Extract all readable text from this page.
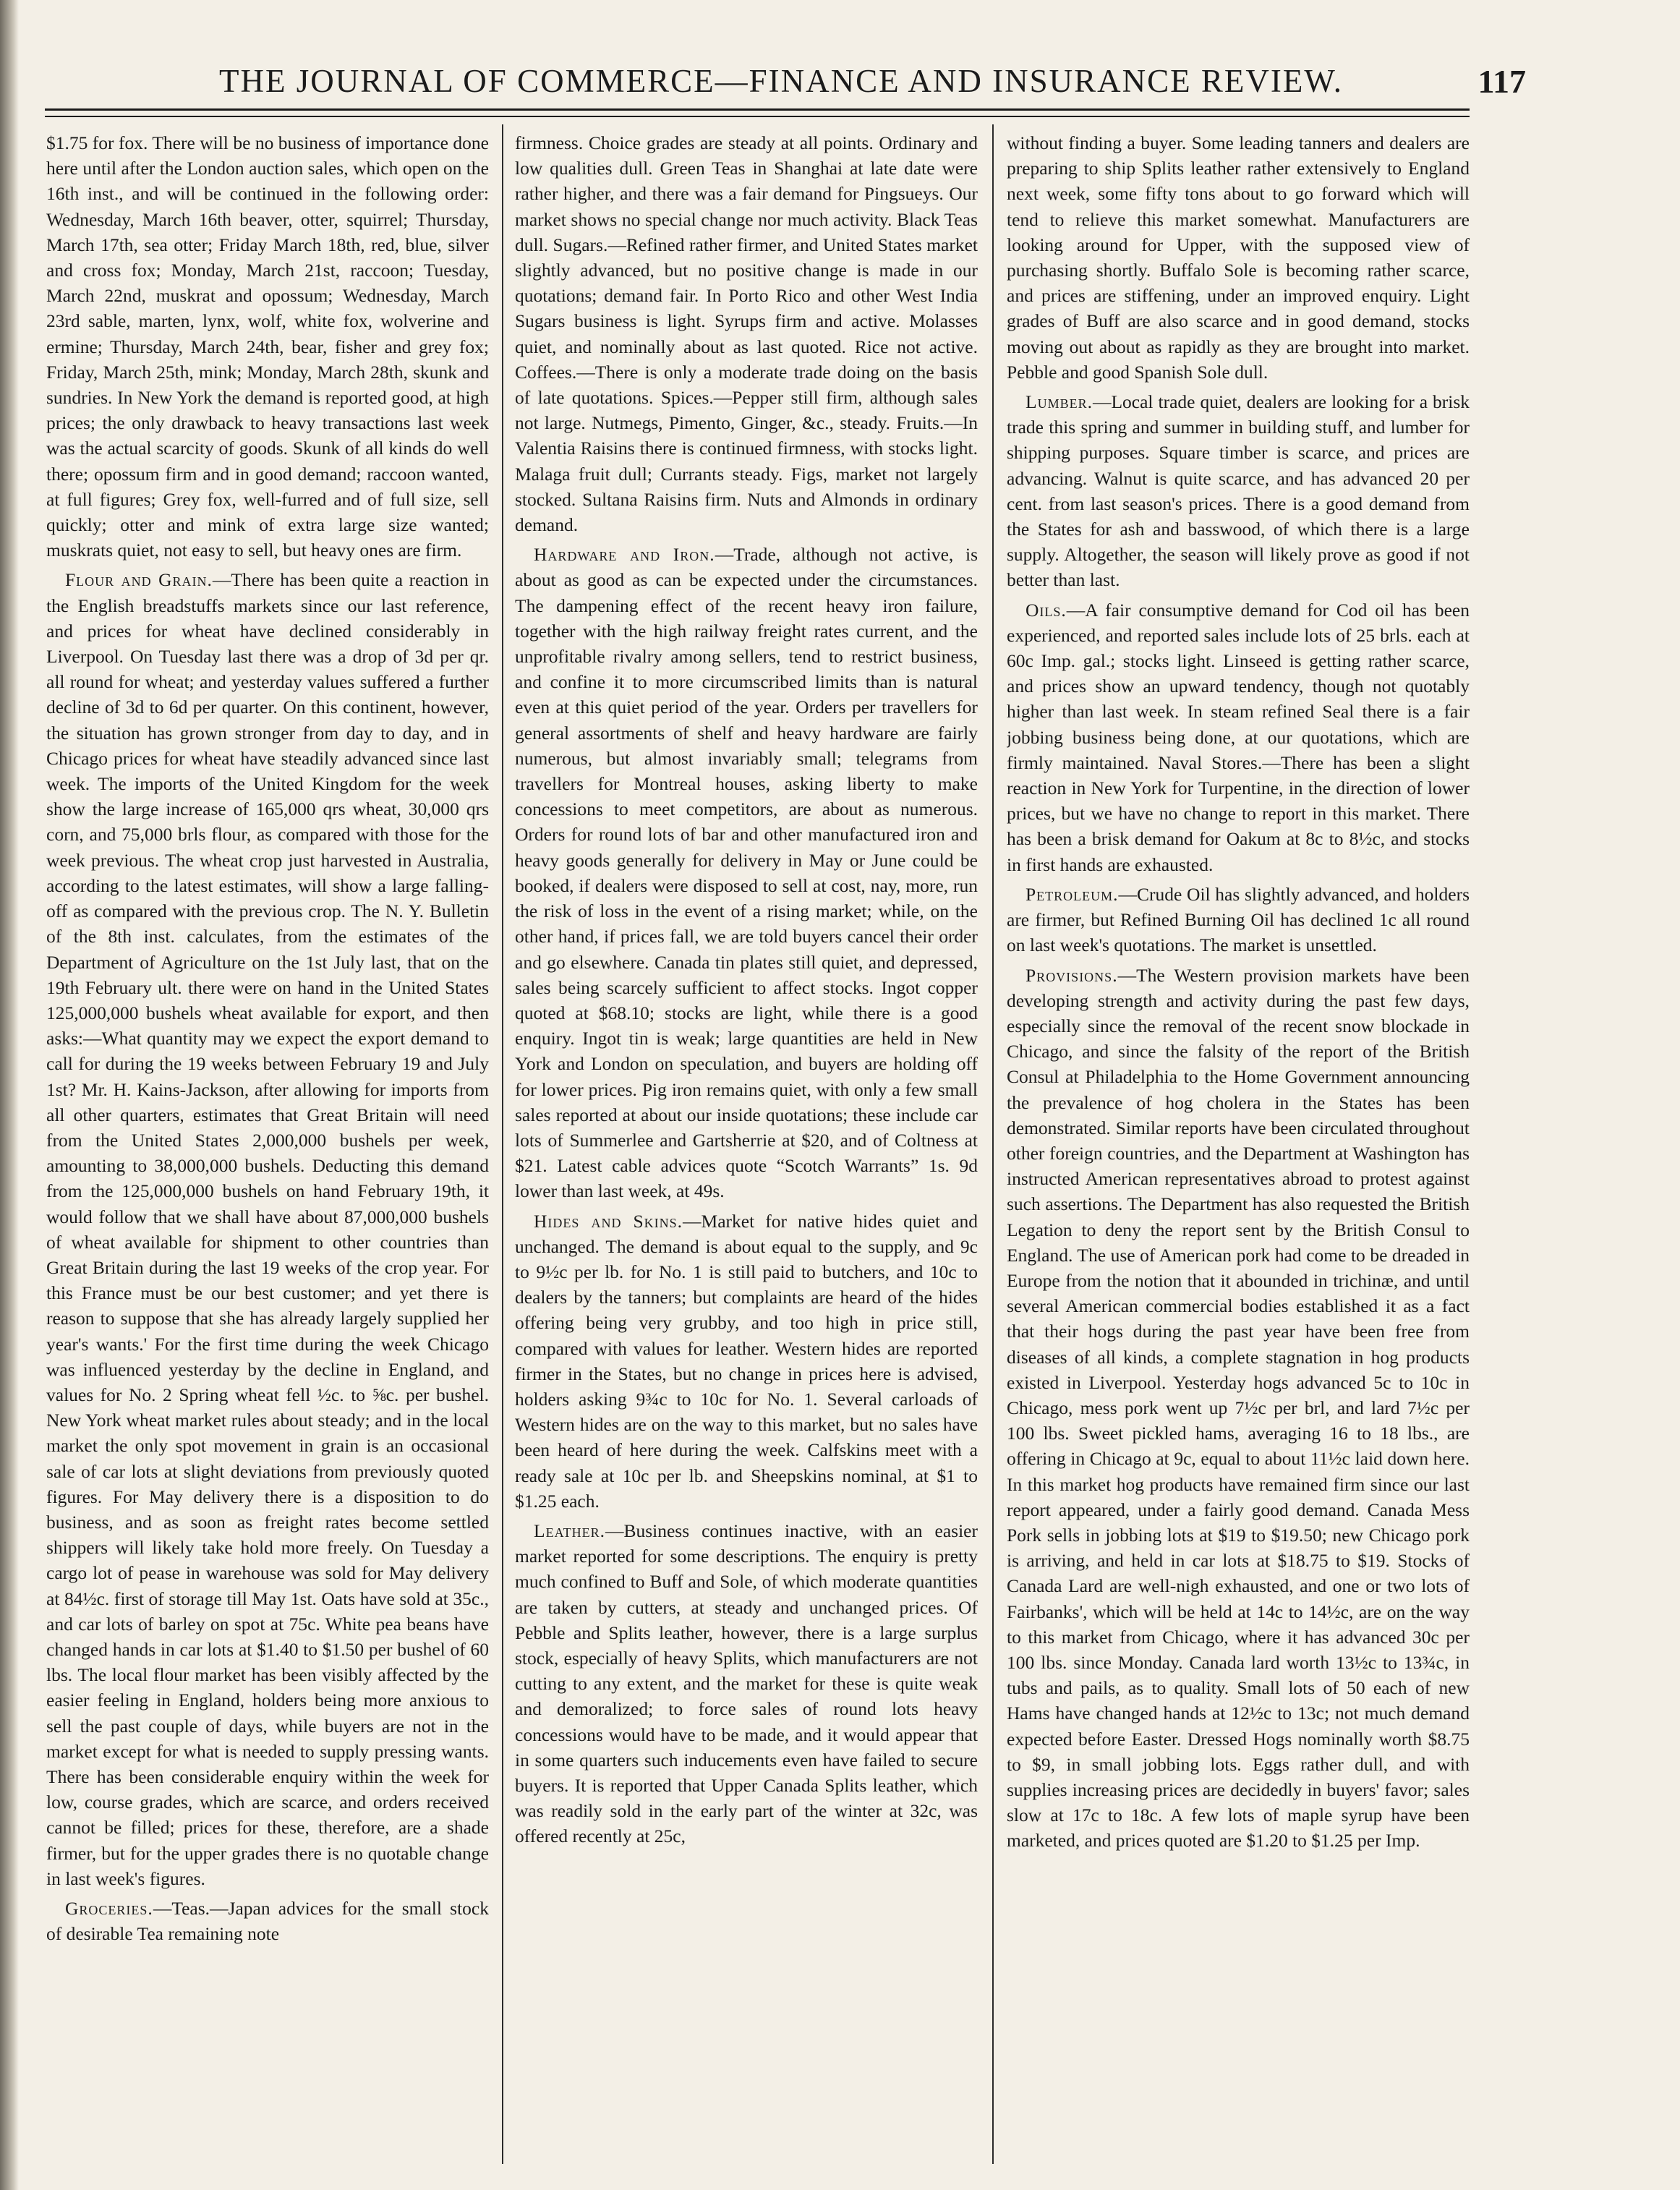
THE JOURNAL OF COMMERCE—FINANCE AND INSURANCE REVIEW.	117

$1.75 for fox. There will be no business of importance done here until after the London auction sales, which open on the 16th inst., and will be continued in the following order: Wednesday, March 16th beaver, otter, squirrel; Thursday, March 17th, sea otter; Friday March 18th, red, blue, silver and cross fox; Monday, March 21st, raccoon; Tuesday, March 22nd, muskrat and opossum; Wednesday, March 23rd sable, marten, lynx, wolf, white fox, wolverine and ermine; Thursday, March 24th, bear, fisher and grey fox; Friday, March 25th, mink; Monday, March 28th, skunk and sundries. In New York the demand is reported good, at high prices; the only drawback to heavy transactions last week was the actual scarcity of goods. Skunk of all kinds do well there; opossum firm and in good demand; raccoon wanted, at full figures; Grey fox, well-furred and of full size, sell quickly; otter and mink of extra large size wanted; muskrats quiet, not easy to sell, but heavy ones are firm.

Flour and Grain.—There has been quite a reaction in the English breadstuffs markets since our last reference, and prices for wheat have declined considerably in Liverpool. On Tuesday last there was a drop of 3d per qr. all round for wheat; and yesterday values suffered a further decline of 3d to 6d per quarter. On this continent, however, the situation has grown stronger from day to day, and in Chicago prices for wheat have steadily advanced since last week. The imports of the United Kingdom for the week show the large increase of 165,000 qrs wheat, 30,000 qrs corn, and 75,000 brls flour, as compared with those for the week previous. The wheat crop just harvested in Australia, according to the latest estimates, will show a large falling-off as compared with the previous crop. The N. Y. Bulletin of the 8th inst. calculates, from the estimates of the Department of Agriculture on the 1st July last, that on the 19th February ult. there were on hand in the United States 125,000,000 bushels wheat available for export, and then asks:—What quantity may we expect the export demand to call for during the 19 weeks between February 19 and July 1st? Mr. H. Kains-Jackson, after allowing for imports from all other quarters, estimates that Great Britain will need from the United States 2,000,000 bushels per week, amounting to 38,000,000 bushels. Deducting this demand from the 125,000,000 bushels on hand February 19th, it would follow that we shall have about 87,000,000 bushels of wheat available for shipment to other countries than Great Britain during the last 19 weeks of the crop year. For this France must be our best customer; and yet there is reason to suppose that she has already largely supplied her year's wants.' For the first time during the week Chicago was influenced yesterday by the decline in England, and values for No. 2 Spring wheat fell ½c. to ⅝c. per bushel. New York wheat market rules about steady; and in the local market the only spot movement in grain is an occasional sale of car lots at slight deviations from previously quoted figures. For May delivery there is a disposition to do business, and as soon as freight rates become settled shippers will likely take hold more freely. On Tuesday a cargo lot of pease in warehouse was sold for May delivery at 84½c. first of storage till May 1st. Oats have sold at 35c., and car lots of barley on spot at 75c. White pea beans have changed hands in car lots at $1.40 to $1.50 per bushel of 60 lbs. The local flour market has been visibly affected by the easier feeling in England, holders being more anxious to sell the past couple of days, while buyers are not in the market except for what is needed to supply pressing wants. There has been considerable enquiry within the week for low, course grades, which are scarce, and orders received cannot be filled; prices for these, therefore, are a shade firmer, but for the upper grades there is no quotable change in last week's figures.

Groceries.—Teas.—Japan advices for the small stock of desirable Tea remaining note

firmness. Choice grades are steady at all points. Ordinary and low qualities dull. Green Teas in Shanghai at late date were rather higher, and there was a fair demand for Pingsueys. Our market shows no special change nor much activity. Black Teas dull. Sugars.—Refined rather firmer, and United States market slightly advanced, but no positive change is made in our quotations; demand fair. In Porto Rico and other West India Sugars business is light. Syrups firm and active. Molasses quiet, and nominally about as last quoted. Rice not active. Coffees.—There is only a moderate trade doing on the basis of late quotations. Spices.—Pepper still firm, although sales not large. Nutmegs, Pimento, Ginger, &c., steady. Fruits.—In Valentia Raisins there is continued firmness, with stocks light. Malaga fruit dull; Currants steady. Figs, market not largely stocked. Sultana Raisins firm. Nuts and Almonds in ordinary demand.

Hardware and Iron.—Trade, although not active, is about as good as can be expected under the circumstances. The dampening effect of the recent heavy iron failure, together with the high railway freight rates current, and the unprofitable rivalry among sellers, tend to restrict business, and confine it to more circumscribed limits than is natural even at this quiet period of the year. Orders per travellers for general assortments of shelf and heavy hardware are fairly numerous, but almost invariably small; telegrams from travellers for Montreal houses, asking liberty to make concessions to meet competitors, are about as numerous. Orders for round lots of bar and other manufactured iron and heavy goods generally for delivery in May or June could be booked, if dealers were disposed to sell at cost, nay, more, run the risk of loss in the event of a rising market; while, on the other hand, if prices fall, we are told buyers cancel their order and go elsewhere. Canada tin plates still quiet, and depressed, sales being scarcely sufficient to affect stocks. Ingot copper quoted at $68.10; stocks are light, while there is a good enquiry. Ingot tin is weak; large quantities are held in New York and London on speculation, and buyers are holding off for lower prices. Pig iron remains quiet, with only a few small sales reported at about our inside quotations; these include car lots of Summerlee and Gartsherrie at $20, and of Coltness at $21. Latest cable advices quote “Scotch Warrants” 1s. 9d lower than last week, at 49s.

Hides and Skins.—Market for native hides quiet and unchanged. The demand is about equal to the supply, and 9c to 9½c per lb. for No. 1 is still paid to butchers, and 10c to dealers by the tanners; but complaints are heard of the hides offering being very grubby, and too high in price still, compared with values for leather. Western hides are reported firmer in the States, but no change in prices here is advised, holders asking 9¾c to 10c for No. 1. Several carloads of Western hides are on the way to this market, but no sales have been heard of here during the week. Calfskins meet with a ready sale at 10c per lb. and Sheepskins nominal, at $1 to $1.25 each.

Leather.—Business continues inactive, with an easier market reported for some descriptions. The enquiry is pretty much confined to Buff and Sole, of which moderate quantities are taken by cutters, at steady and unchanged prices. Of Pebble and Splits leather, however, there is a large surplus stock, especially of heavy Splits, which manufacturers are not cutting to any extent, and the market for these is quite weak and demoralized; to force sales of round lots heavy concessions would have to be made, and it would appear that in some quarters such inducements even have failed to secure buyers. It is reported that Upper Canada Splits leather, which was readily sold in the early part of the winter at 32c, was offered recently at 25c,

without finding a buyer. Some leading tanners and dealers are preparing to ship Splits leather rather extensively to England next week, some fifty tons about to go forward which will tend to relieve this market somewhat. Manufacturers are looking around for Upper, with the supposed view of purchasing shortly. Buffalo Sole is becoming rather scarce, and prices are stiffening, under an improved enquiry. Light grades of Buff are also scarce and in good demand, stocks moving out about as rapidly as they are brought into market. Pebble and good Spanish Sole dull.

Lumber.—Local trade quiet, dealers are looking for a brisk trade this spring and summer in building stuff, and lumber for shipping purposes. Square timber is scarce, and prices are advancing. Walnut is quite scarce, and has advanced 20 per cent. from last season's prices. There is a good demand from the States for ash and basswood, of which there is a large supply. Altogether, the season will likely prove as good if not better than last.

Oils.—A fair consumptive demand for Cod oil has been experienced, and reported sales include lots of 25 brls. each at 60c Imp. gal.; stocks light. Linseed is getting rather scarce, and prices show an upward tendency, though not quotably higher than last week. In steam refined Seal there is a fair jobbing business being done, at our quotations, which are firmly maintained. Naval Stores.—There has been a slight reaction in New York for Turpentine, in the direction of lower prices, but we have no change to report in this market. There has been a brisk demand for Oakum at 8c to 8½c, and stocks in first hands are exhausted.

Petroleum.—Crude Oil has slightly advanced, and holders are firmer, but Refined Burning Oil has declined 1c all round on last week's quotations. The market is unsettled.

Provisions.—The Western provision markets have been developing strength and activity during the past few days, especially since the removal of the recent snow blockade in Chicago, and since the falsity of the report of the British Consul at Philadelphia to the Home Government announcing the prevalence of hog cholera in the States has been demonstrated. Similar reports have been circulated throughout other foreign countries, and the Department at Washington has instructed American representatives abroad to protest against such assertions. The Department has also requested the British Legation to deny the report sent by the British Consul to England. The use of American pork had come to be dreaded in Europe from the notion that it abounded in trichinæ, and until several American commercial bodies established it as a fact that their hogs during the past year have been free from diseases of all kinds, a complete stagnation in hog products existed in Liverpool. Yesterday hogs advanced 5c to 10c in Chicago, mess pork went up 7½c per brl, and lard 7½c per 100 lbs. Sweet pickled hams, averaging 16 to 18 lbs., are offering in Chicago at 9c, equal to about 11½c laid down here. In this market hog products have remained firm since our last report appeared, under a fairly good demand. Canada Mess Pork sells in jobbing lots at $19 to $19.50; new Chicago pork is arriving, and held in car lots at $18.75 to $19. Stocks of Canada Lard are well-nigh exhausted, and one or two lots of Fairbanks', which will be held at 14c to 14½c, are on the way to this market from Chicago, where it has advanced 30c per 100 lbs. since Monday. Canada lard worth 13½c to 13¾c, in tubs and pails, as to quality. Small lots of 50 each of new Hams have changed hands at 12½c to 13c; not much demand expected before Easter. Dressed Hogs nominally worth $8.75 to $9, in small jobbing lots. Eggs rather dull, and with supplies increasing prices are decidedly in buyers' favor; sales slow at 17c to 18c. A few lots of maple syrup have been marketed, and prices quoted are $1.20 to $1.25 per Imp.
